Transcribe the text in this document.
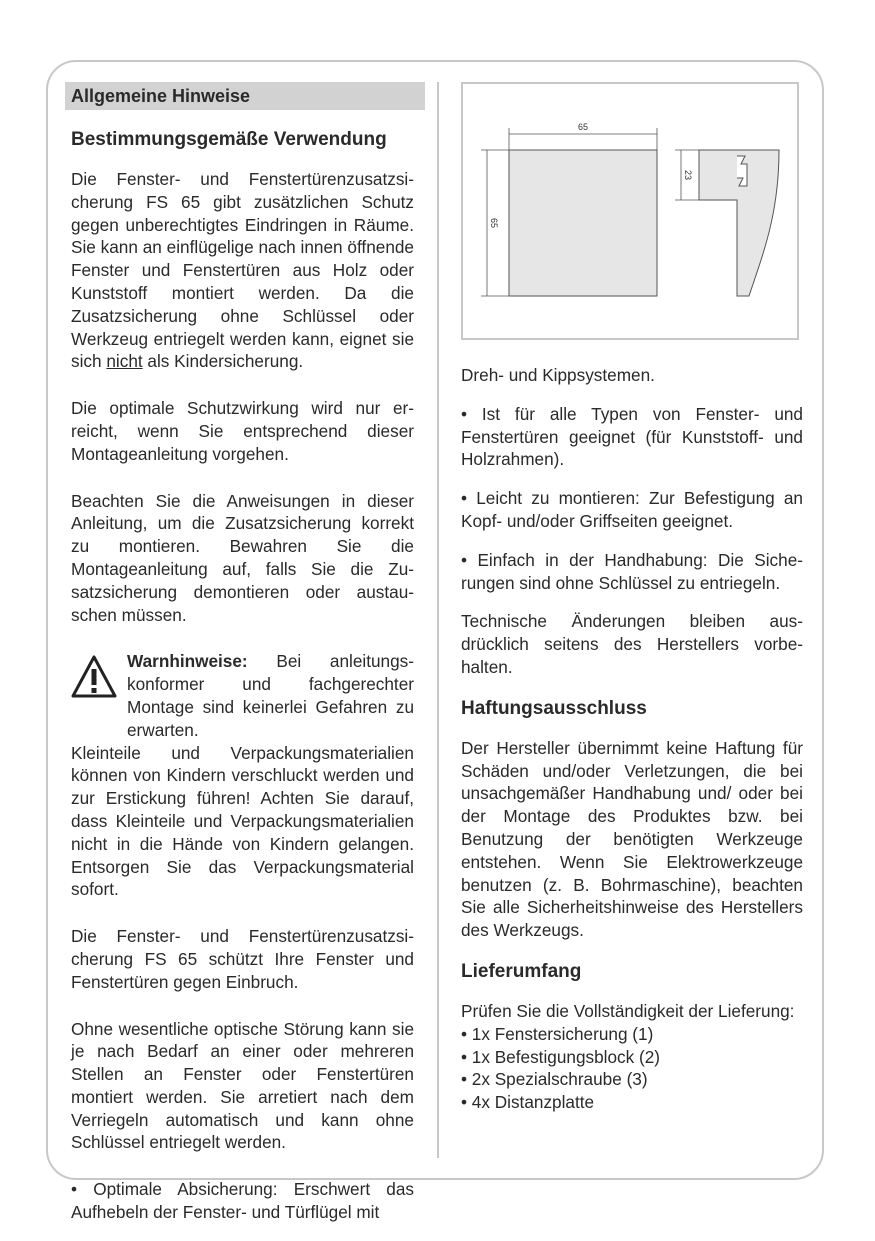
Allgemeine Hinweise
Bestimmungsgemäße Verwendung

Die Fenster- und Fenstertürenzusatzsicherung FS 65 gibt zusätzlichen Schutz gegen unberechtigtes Eindringen in Räume. Sie kann an einflügelige nach innen öffnende Fenster und Fenstertüren aus Holz oder Kunststoff montiert werden. Da die Zusatzsicherung ohne Schlüssel oder Werkzeug entriegelt werden kann, eignet sie sich nicht als Kindersicherung.

Die optimale Schutzwirkung wird nur erreicht, wenn Sie entsprechend dieser Montageanleitung vorgehen.

Beachten Sie die Anweisungen in dieser Anleitung, um die Zusatzsicherung korrekt zu montieren. Bewahren Sie die Montageanleitung auf, falls Sie die Zusatzsicherung demontieren oder austauschen müssen.

Warnhinweise: Bei anleitungskonformer und fachgerechter Montage sind keinerlei Gefahren zu erwarten.

Kleinteile und Verpackungsmaterialien können von Kindern verschluckt werden und zur Erstickung führen! Achten Sie darauf, dass Kleinteile und Verpackungsmaterialien nicht in die Hände von Kindern gelangen. Entsorgen Sie das Verpackungsmaterial sofort.

Die Fenster- und Fenstertürenzusatzsicherung FS 65 schützt Ihre Fenster und Fenstertüren gegen Einbruch.

Ohne wesentliche optische Störung kann sie je nach Bedarf an einer oder mehreren Stellen an Fenster oder Fenstertüren montiert werden. Sie arretiert nach dem Verriegeln automatisch und kann ohne Schlüssel entriegelt werden.

• Optimale Absicherung: Erschwert das Aufhebeln der Fenster- und Türflügel mit

65
65
23

Dreh- und Kippsystemen.

• Ist für alle Typen von Fenster- und Fenstertüren geeignet (für Kunststoff- und Holzrahmen).

• Leicht zu montieren: Zur Befestigung an Kopf- und/oder Griffseiten geeignet.

• Einfach in der Handhabung: Die Sicherungen sind ohne Schlüssel zu entriegeln.

Technische Änderungen bleiben ausdrücklich seitens des Herstellers vorbehalten.

Haftungsausschluss

Der Hersteller übernimmt keine Haftung für Schäden und/oder Verletzungen, die bei unsachgemäßer Handhabung und/ oder bei der Montage des Produktes bzw. bei Benutzung der benötigten Werkzeuge entstehen. Wenn Sie Elektrowerkzeuge benutzen (z. B. Bohrmaschine), beachten Sie alle Sicherheitshinweise des Herstellers des Werkzeugs.

Lieferumfang

Prüfen Sie die Vollständigkeit der Lieferung:

• 1x Fenstersicherung (1)
• 1x Befestigungsblock (2)
• 2x Spezialschraube (3)
• 4x Distanzplatte
